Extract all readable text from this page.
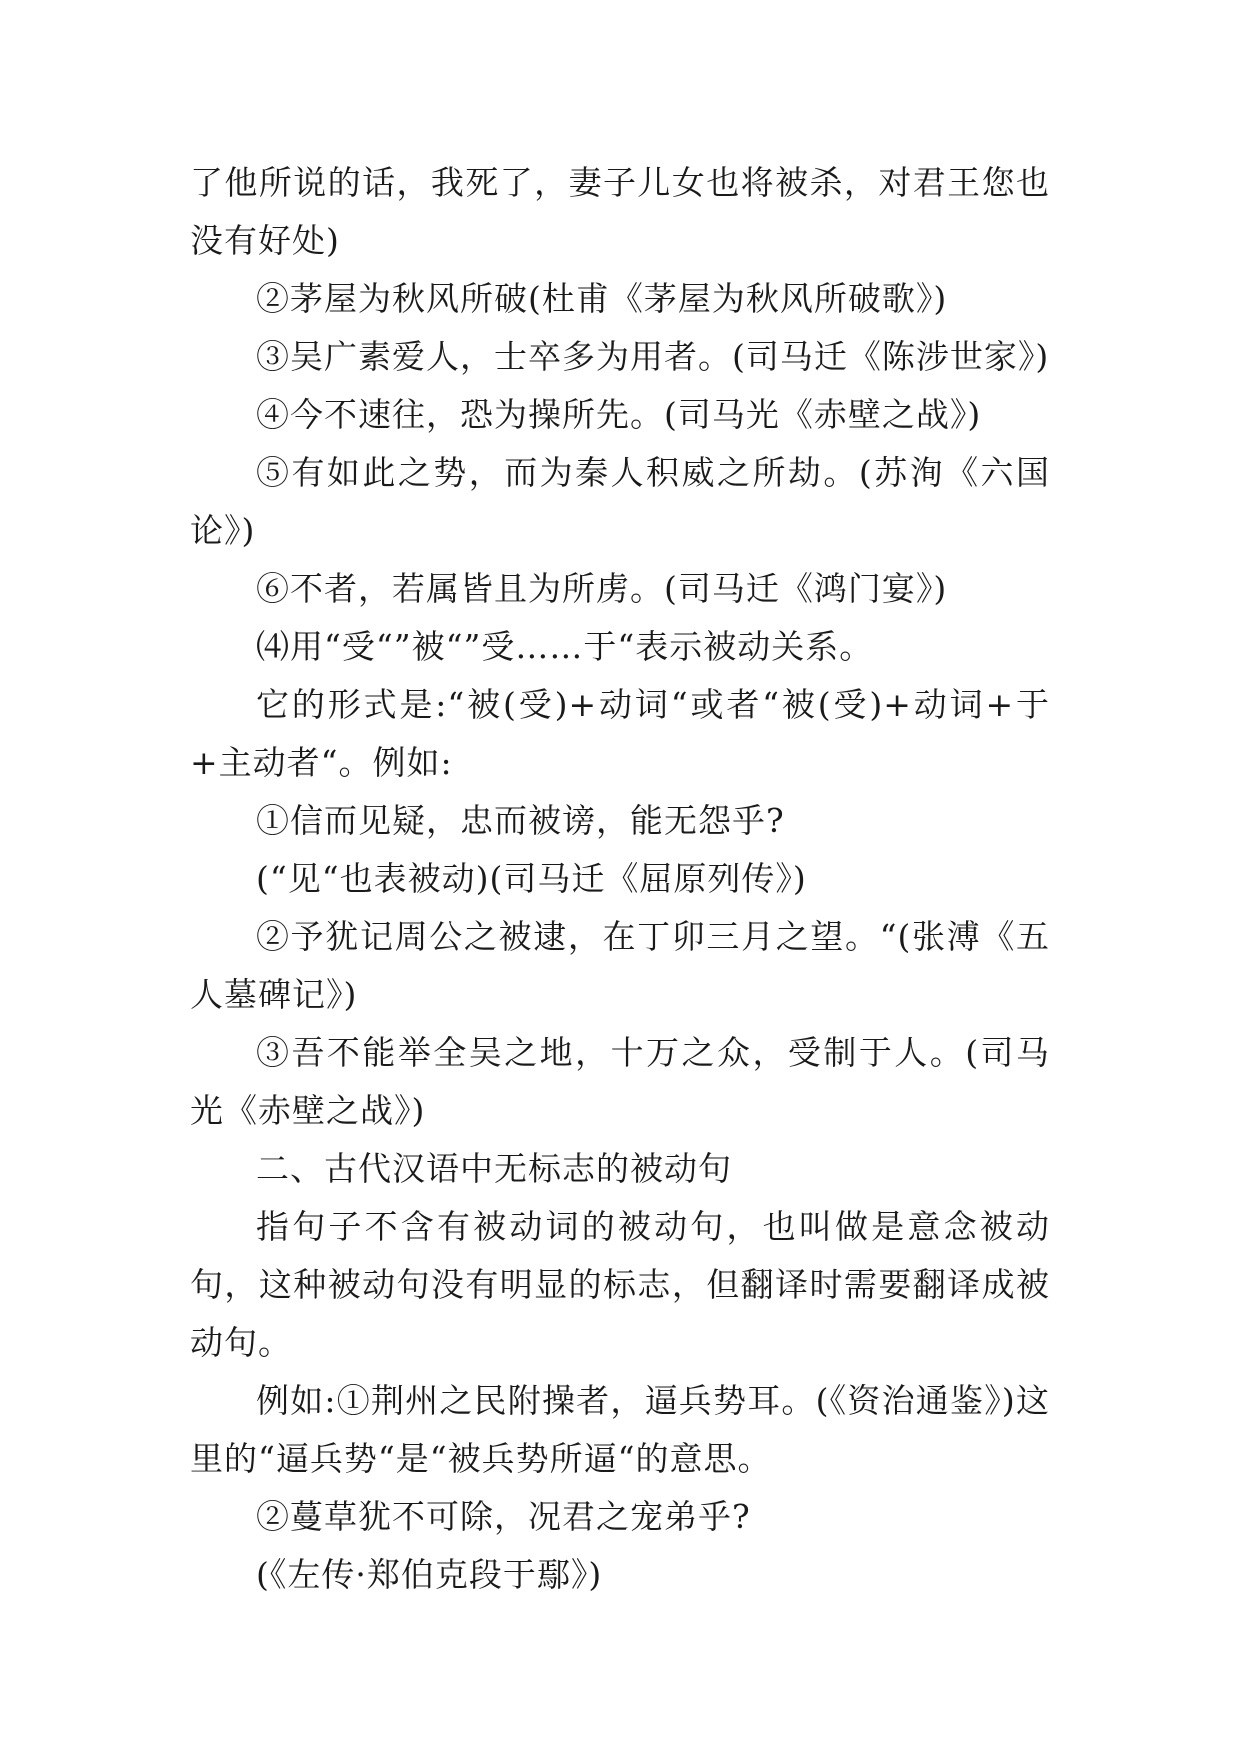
了他所说的话，我死了，妻子儿女也将被杀，对君王您也没有好处)

②茅屋为秋风所破(杜甫《茅屋为秋风所破歌》)

③吴广素爱人，士卒多为用者。(司马迁《陈涉世家》)

④今不速往，恐为操所先。(司马光《赤壁之战》)

⑤有如此之势，而为秦人积威之所劫。(苏洵《六国论》)

⑥不者，若属皆且为所虏。(司马迁《鸿门宴》)

⑷用“受“”被“”受……于“表示被动关系。

它的形式是:“被(受)+动词“或者“被(受)+动词+于+主动者“。例如:

①信而见疑，忠而被谤，能无怨乎?

(“见“也表被动)(司马迁《屈原列传》)

②予犹记周公之被逮，在丁卯三月之望。“(张溥《五人墓碑记》)

③吾不能举全吴之地，十万之众，受制于人。(司马光《赤壁之战》)

二、古代汉语中无标志的被动句

指句子不含有被动词的被动句，也叫做是意念被动句，这种被动句没有明显的标志，但翻译时需要翻译成被动句。

例如:①荆州之民附操者，逼兵势耳。(《资治通鉴》)这里的“逼兵势“是“被兵势所逼“的意思。

②蔓草犹不可除，况君之宠弟乎?

(《左传·郑伯克段于鄢》)
